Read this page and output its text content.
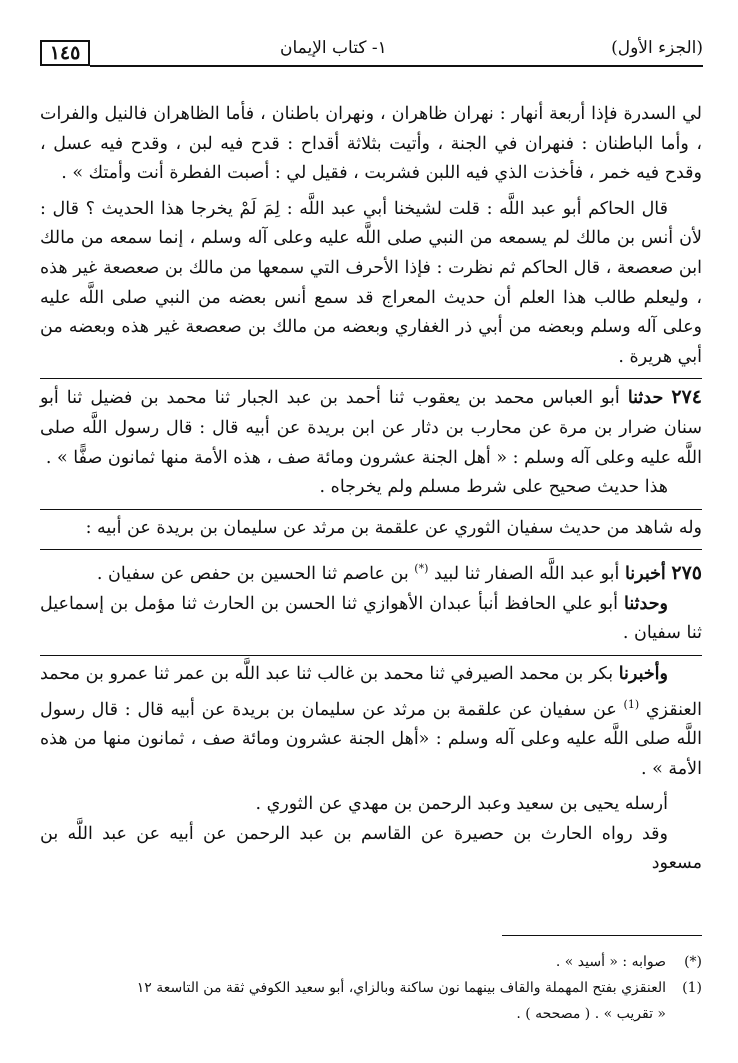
(الجزء الأول)
١- كتاب الإيمان
١٤٥

لي السدرة فإذا أربعة أنهار : نهران ظاهران ، ونهران باطنان ، فأما الظاهران فالنيل والفرات ، وأما الباطنان : فنهران في الجنة ، وأتيت بثلاثة أقداح : قدح فيه لبن ، وقدح فيه عسل ، وقدح فيه خمر ، فأخذت الذي فيه اللبن فشربت ، فقيل لي : أصبت الفطرة أنت وأمتك » .

قال الحاكم أبو عبد اللَّه : قلت لشيخنا أبي عبد اللَّه : لِمَ لَمْ يخرجا هذا الحديث ؟ قال : لأن أنس بن مالك لم يسمعه من النبي صلى اللَّه عليه وعلى آله وسلم ، إنما سمعه من مالك ابن صعصعة ، قال الحاكم ثم نظرت : فإذا الأحرف التي سمعها من مالك بن صعصعة غير هذه ، وليعلم طالب هذا العلم أن حديث المعراج قد سمع أنس بعضه من النبي صلى اللَّه عليه وعلى آله وسلم وبعضه من أبي ذر الغفاري وبعضه من مالك بن صعصعة غير هذه وبعضه من أبي هريرة .

٢٧٤ حدثنا أبو العباس محمد بن يعقوب ثنا أحمد بن عبد الجبار ثنا محمد بن فضيل ثنا أبو سنان ضرار بن مرة عن محارب بن دثار عن ابن بريدة عن أبيه قال : قال رسول اللَّه صلى اللَّه عليه وعلى آله وسلم : « أهل الجنة عشرون ومائة صف ، هذه الأمة منها ثمانون صفًّا » .

هذا حديث صحيح على شرط مسلم ولم يخرجاه .

وله شاهد من حديث سفيان الثوري عن علقمة بن مرثد عن سليمان بن بريدة عن أبيه :

٢٧٥ أخبرنا أبو عبد اللَّه الصفار ثنا لبيد (*) بن عاصم ثنا الحسين بن حفص عن سفيان .

وحدثنا أبو علي الحافظ أنبأ عبدان الأهوازي ثنا الحسن بن الحارث ثنا مؤمل بن إسماعيل ثنا سفيان .

وأخبرنا بكر بن محمد الصيرفي ثنا محمد بن غالب ثنا عبد اللَّه بن عمر ثنا عمرو بن محمد العنقزي $^{(1)}$ عن سفيان عن علقمة بن مرثد عن سليمان بن بريدة عن أبيه قال : قال رسول اللَّه صلى اللَّه عليه وعلى آله وسلم : «أهل الجنة عشرون ومائة صف ، ثمانون منها من هذه الأمة » .

أرسله يحيى بن سعيد وعبد الرحمن بن مهدي عن الثوري .

وقد رواه الحارث بن حصيرة عن القاسم بن عبد الرحمن عن أبيه عن عبد اللَّه بن مسعود

(*)
صوابه : « أسيد » .
(1)
العنقزي بفتح المهملة والقاف بينهما نون ساكنة وبالزاي، أبو سعيد الكوفي ثقة من التاسعة ١٢
« تقريب » . ( مصححه ) .
